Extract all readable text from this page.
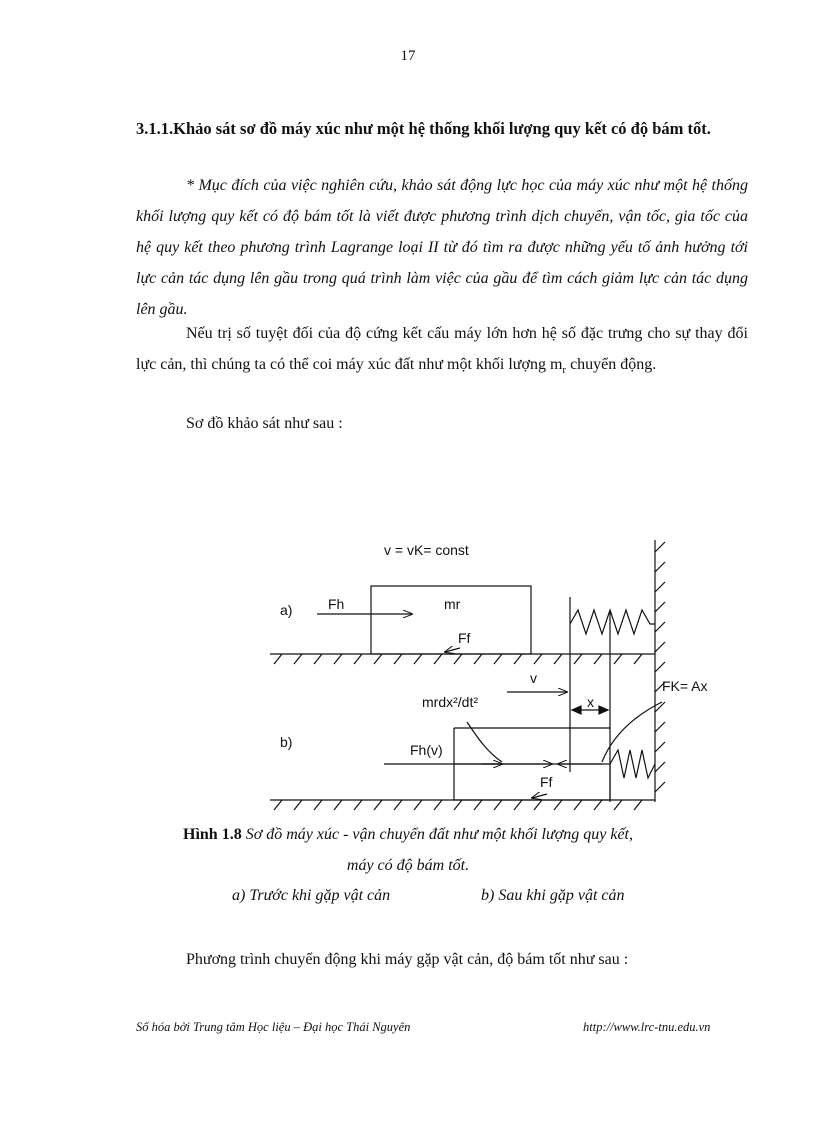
17
3.1.1.Khảo sát sơ đồ máy xúc như một hệ thống khối lượng quy kết có độ bám tốt.

* Mục đích của việc nghiên cứu, khảo sát động lực học của máy xúc như một hệ thống khối lượng quy kết có độ bám tốt là viết được phương trình dịch chuyển, vận tốc, gia tốc của hệ quy kết theo phương trình Lagrange loại II từ đó tìm ra được những yếu tố ảnh hưởng tới lực cản tác dụng lên gầu trong quá trình làm việc của gầu để tìm cách giảm lực cản tác dụng lên gầu.

Nếu trị số tuyệt đối của độ cứng kết cấu máy lớn hơn hệ số đặc trưng cho sự thay đổi lực cản, thì chúng ta có thể coi máy xúc đất như một khối lượng $m_r$ chuyển động.

Sơ đồ khảo sát như sau :

v = vK= const
a)	Fh	mr
Ff
v
x
FK= Ax
mrdx²/dt²
b)	Fh(v)
Ff
Hình 1.8 Sơ đồ máy xúc - vận chuyển đất như một khối lượng quy kết,
máy có độ bám tốt.
a) Trước khi gặp vật cản	b) Sau khi gặp vật cản

Phương trình chuyển động khi máy gặp vật cản, độ bám tốt như sau :

Số hóa bởi Trung tâm Học liệu – Đại học Thái Nguyên	http://www.lrc-tnu.edu.vn
